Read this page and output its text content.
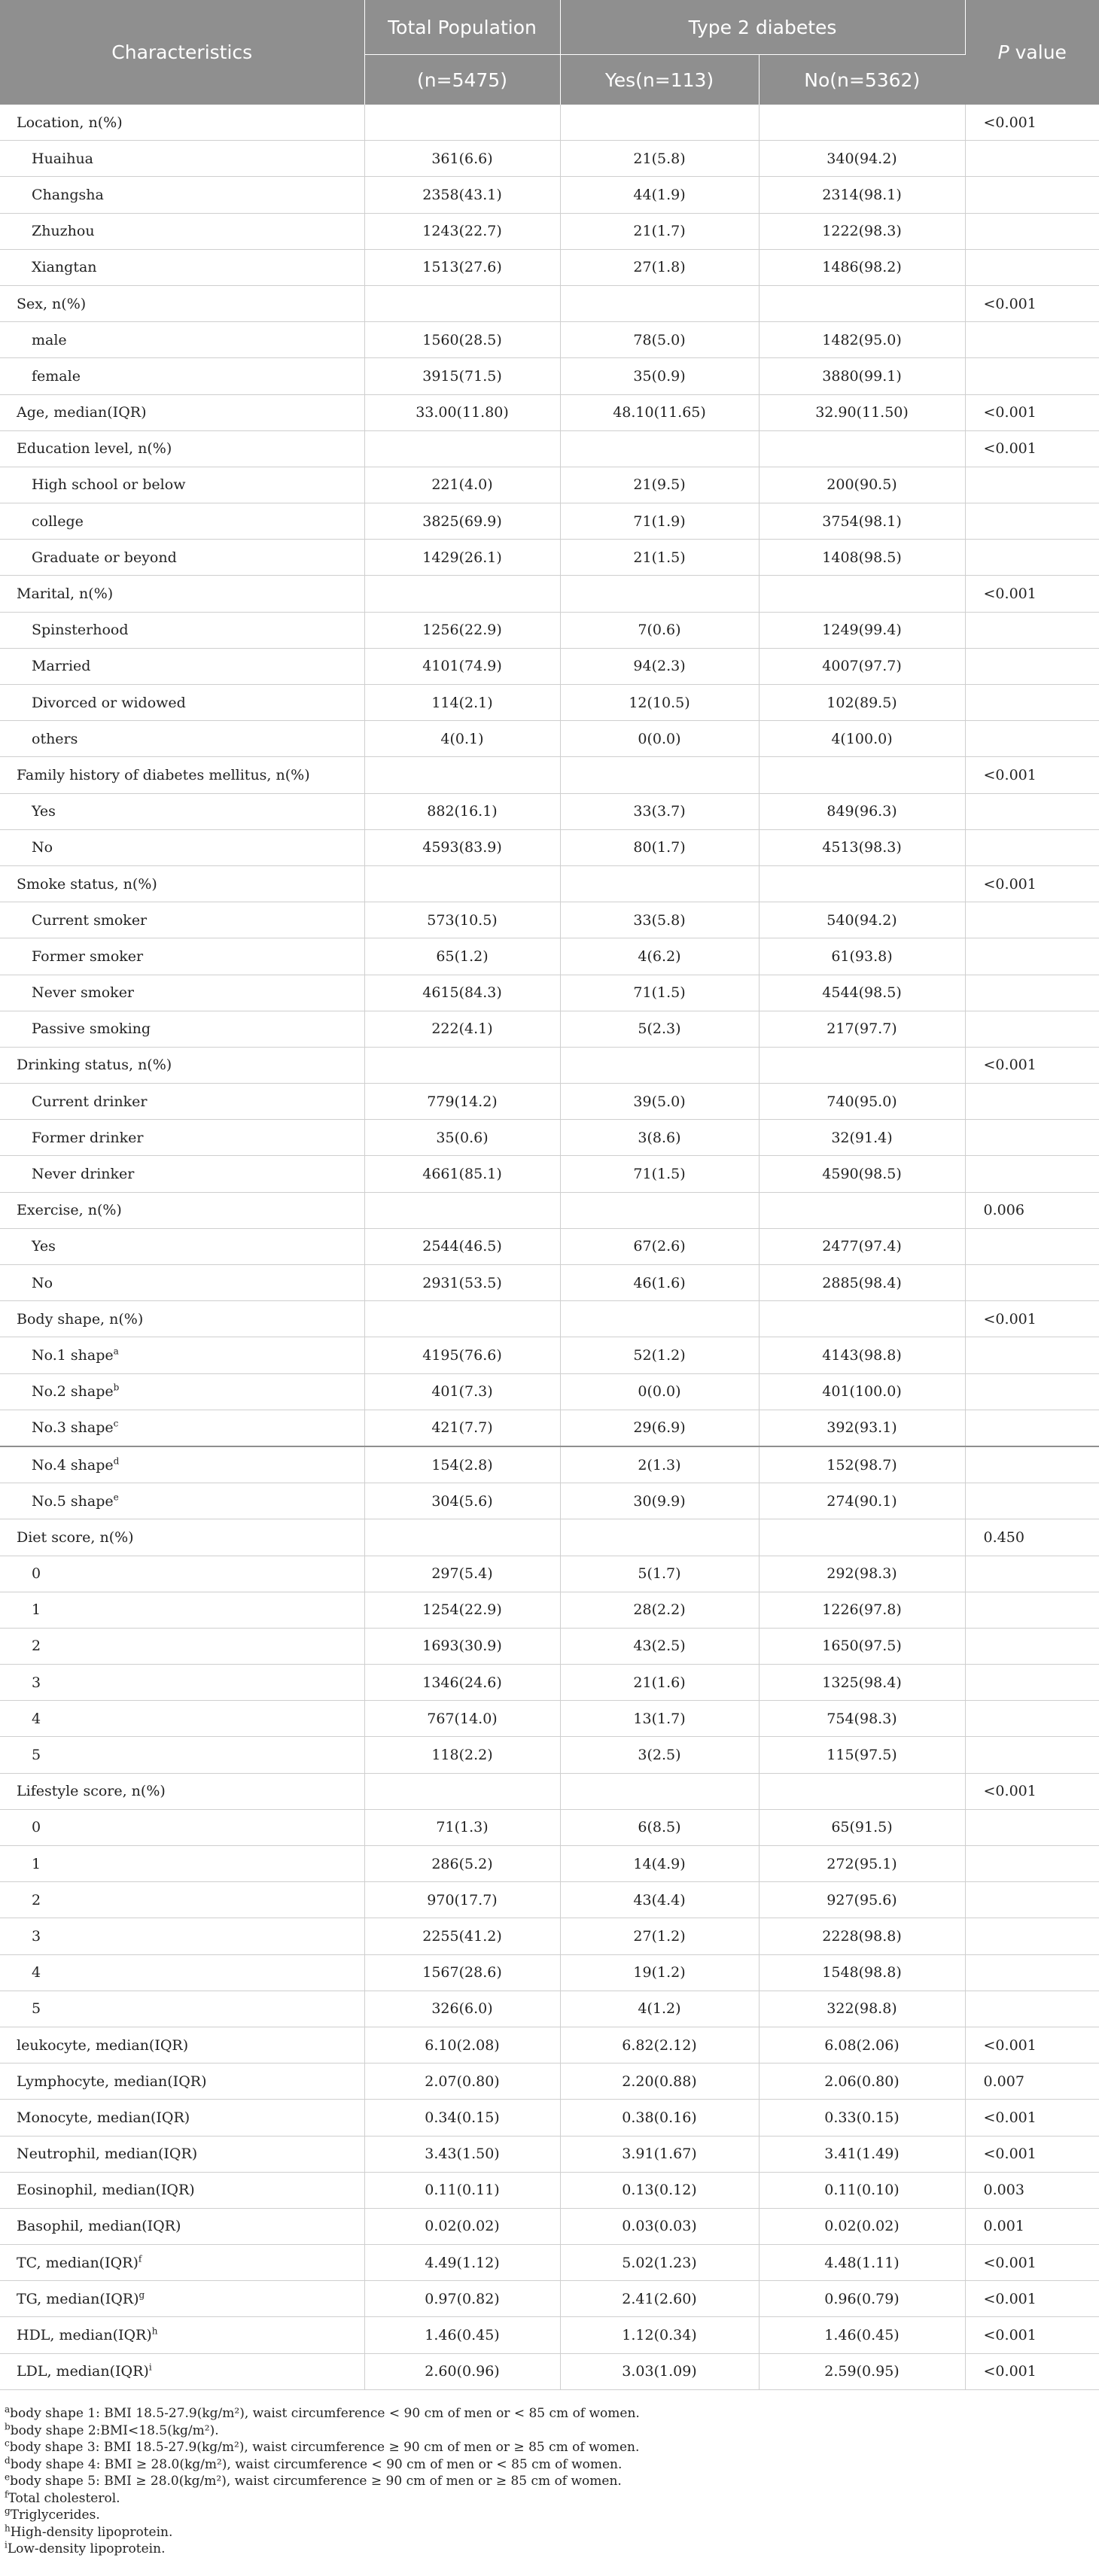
Characteristics	Total Population	Type 2 diabetes		P value
	(n=5475)	Yes(n=113)	No(n=5362)	
Location, n(%)				<0.001
Huaihua	361(6.6)	21(5.8)	340(94.2)	
Changsha	2358(43.1)	44(1.9)	2314(98.1)	
Zhuzhou	1243(22.7)	21(1.7)	1222(98.3)	
Xiangtan	1513(27.6)	27(1.8)	1486(98.2)	
Sex, n(%)				<0.001
male	1560(28.5)	78(5.0)	1482(95.0)	
female	3915(71.5)	35(0.9)	3880(99.1)	
Age, median(IQR)	33.00(11.80)	48.10(11.65)	32.90(11.50)	<0.001
Education level, n(%)				<0.001
High school or below	221(4.0)	21(9.5)	200(90.5)	
college	3825(69.9)	71(1.9)	3754(98.1)	
Graduate or beyond	1429(26.1)	21(1.5)	1408(98.5)	
Marital, n(%)				<0.001
Spinsterhood	1256(22.9)	7(0.6)	1249(99.4)	
Married	4101(74.9)	94(2.3)	4007(97.7)	
Divorced or widowed	114(2.1)	12(10.5)	102(89.5)	
others	4(0.1)	0(0.0)	4(100.0)	
Family history of diabetes mellitus, n(%)				<0.001
Yes	882(16.1)	33(3.7)	849(96.3)	
No	4593(83.9)	80(1.7)	4513(98.3)	
Smoke status, n(%)				<0.001
Current smoker	573(10.5)	33(5.8)	540(94.2)	
Former smoker	65(1.2)	4(6.2)	61(93.8)	
Never smoker	4615(84.3)	71(1.5)	4544(98.5)	
Passive smoking	222(4.1)	5(2.3)	217(97.7)	
Drinking status, n(%)				<0.001
Current drinker	779(14.2)	39(5.0)	740(95.0)	
Former drinker	35(0.6)	3(8.6)	32(91.4)	
Never drinker	4661(85.1)	71(1.5)	4590(98.5)	
Exercise, n(%)				0.006
Yes	2544(46.5)	67(2.6)	2477(97.4)	
No	2931(53.5)	46(1.6)	2885(98.4)	
Body shape, n(%)				<0.001
No.1 shape$^a$	4195(76.6)	52(1.2)	4143(98.8)	
No.2 shape$^b$	401(7.3)	0(0.0)	401(100.0)	
No.3 shape$^c$	421(7.7)	29(6.9)	392(93.1)	
No.4 shape$^d$	154(2.8)	2(1.3)	152(98.7)	
No.5 shape$^e$	304(5.6)	30(9.9)	274(90.1)	
Diet score, n(%)				0.450
0	297(5.4)	5(1.7)	292(98.3)	
1	1254(22.9)	28(2.2)	1226(97.8)	
2	1693(30.9)	43(2.5)	1650(97.5)	
3	1346(24.6)	21(1.6)	1325(98.4)	
4	767(14.0)	13(1.7)	754(98.3)	
5	118(2.2)	3(2.5)	115(97.5)	
Lifestyle score, n(%)				<0.001
0	71(1.3)	6(8.5)	65(91.5)	
1	286(5.2)	14(4.9)	272(95.1)	
2	970(17.7)	43(4.4)	927(95.6)	
3	2255(41.2)	27(1.2)	2228(98.8)	
4	1567(28.6)	19(1.2)	1548(98.8)	
5	326(6.0)	4(1.2)	322(98.8)	
leukocyte, median(IQR)	6.10(2.08)	6.82(2.12)	6.08(2.06)	<0.001
Lymphocyte, median(IQR)	2.07(0.80)	2.20(0.88)	2.06(0.80)	0.007
Monocyte, median(IQR)	0.34(0.15)	0.38(0.16)	0.33(0.15)	<0.001
Neutrophil, median(IQR)	3.43(1.50)	3.91(1.67)	3.41(1.49)	<0.001
Eosinophil, median(IQR)	0.11(0.11)	0.13(0.12)	0.11(0.10)	0.003
Basophil, median(IQR)	0.02(0.02)	0.03(0.03)	0.02(0.02)	0.001
TC, median(IQR)$^f$	4.49(1.12)	5.02(1.23)	4.48(1.11)	<0.001
TG, median(IQR)$^g$	0.97(0.82)	2.41(2.60)	0.96(0.79)	<0.001
HDL, median(IQR)$^h$	1.46(0.45)	1.12(0.34)	1.46(0.45)	<0.001
LDL, median(IQR)$^i$	2.60(0.96)	3.03(1.09)	2.59(0.95)	<0.001
$^a$body shape 1: BMI 18.5-27.9(kg/m²), waist circumference < 90 cm of men or < 85 cm of women.
$^b$body shape 2:BMI<18.5(kg/m²).
$^c$body shape 3: BMI 18.5-27.9(kg/m²), waist circumference ≥ 90 cm of men or ≥ 85 cm of women.
$^d$body shape 4: BMI ≥ 28.0(kg/m²), waist circumference < 90 cm of men or < 85 cm of women.
$^e$body shape 5: BMI ≥ 28.0(kg/m²), waist circumference ≥ 90 cm of men or ≥ 85 cm of women.
$^f$Total cholesterol.
$^g$Triglycerides.
$^h$High-density lipoprotein.
$^i$Low-density lipoprotein.
